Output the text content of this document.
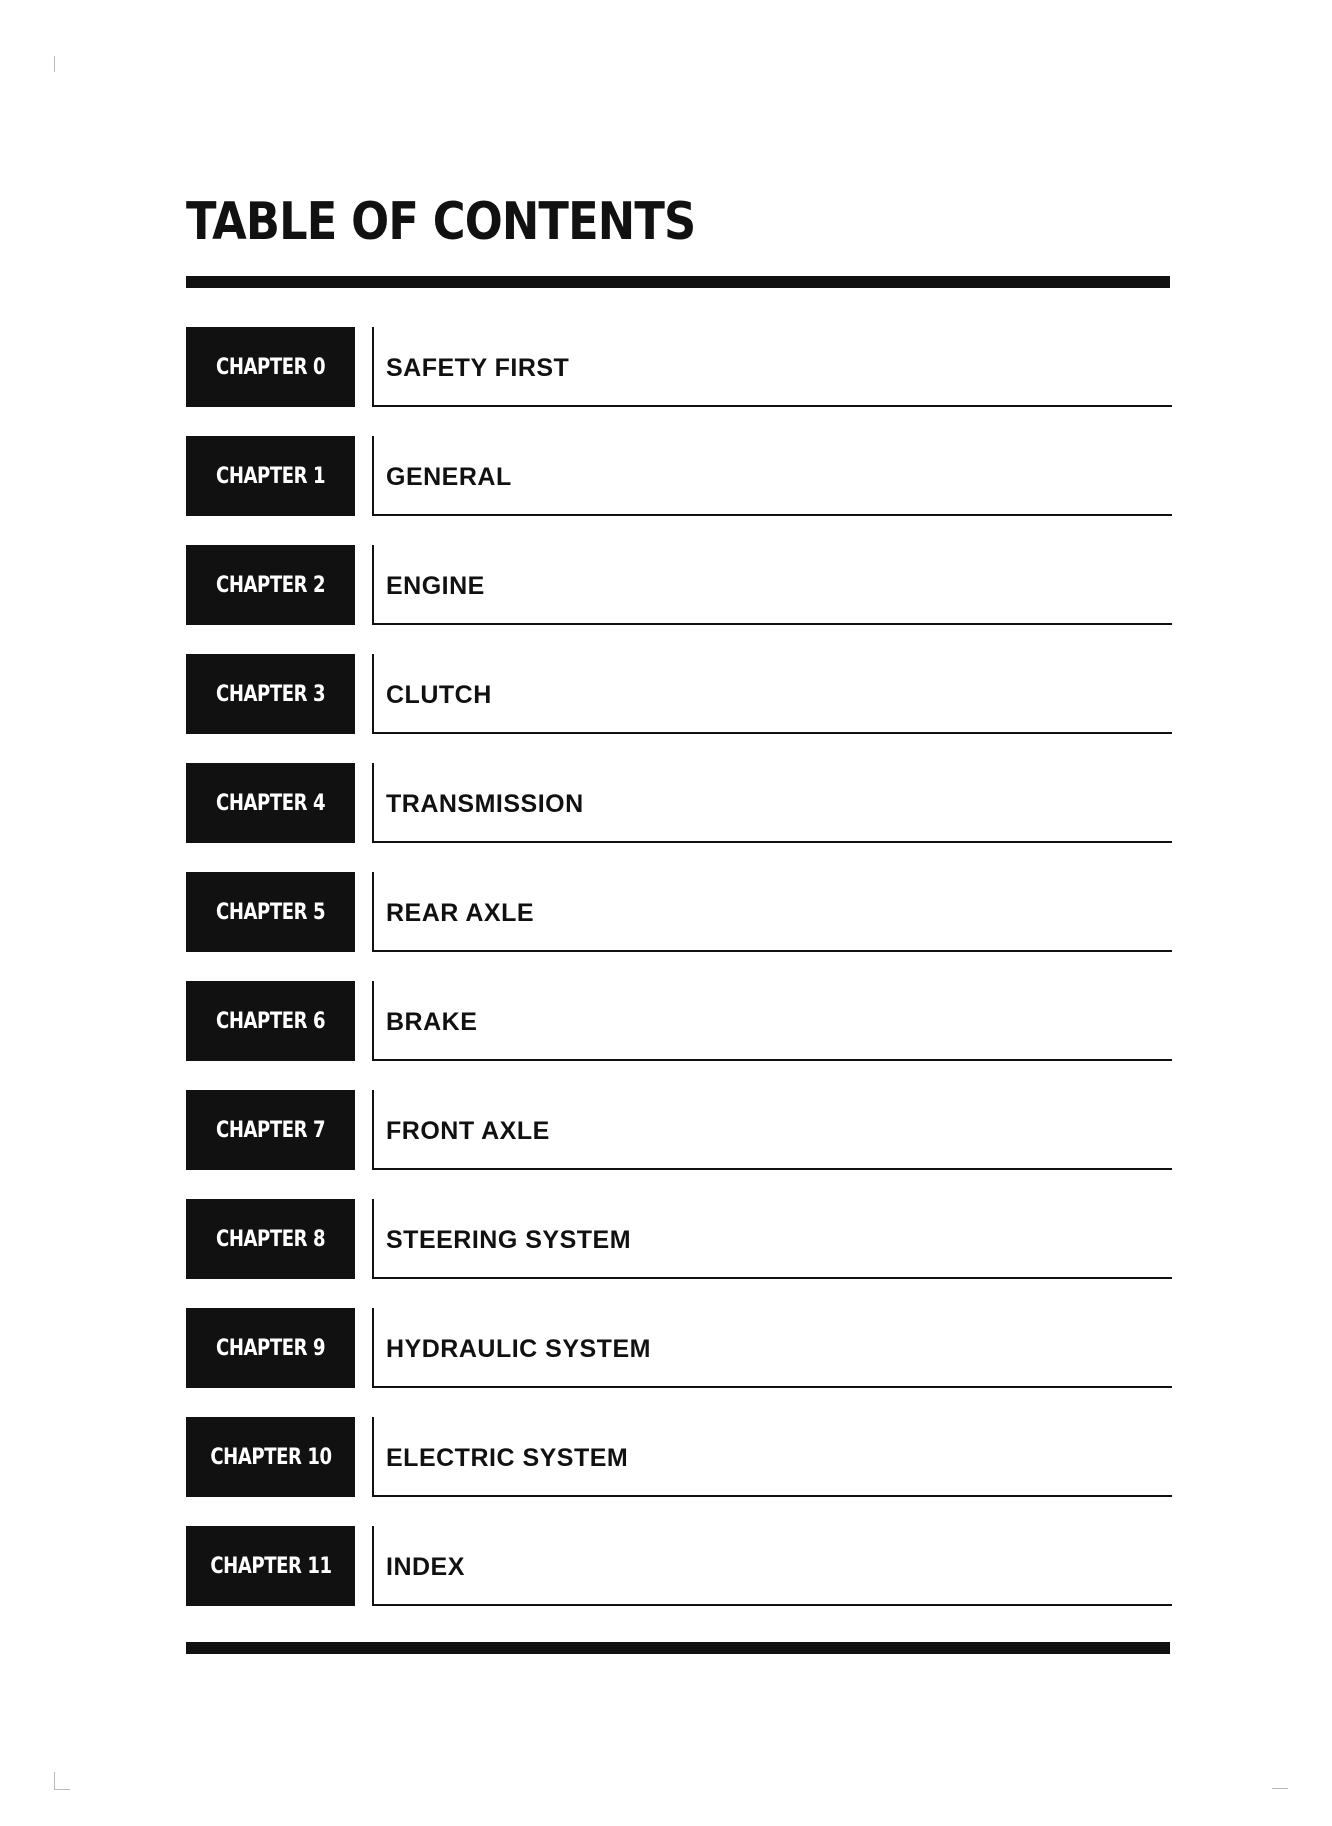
TABLE OF CONTENTS
CHAPTER 0 SAFETY FIRST
CHAPTER 1 GENERAL
CHAPTER 2 ENGINE
CHAPTER 3 CLUTCH
CHAPTER 4 TRANSMISSION
CHAPTER 5 REAR AXLE
CHAPTER 6 BRAKE
CHAPTER 7 FRONT AXLE
CHAPTER 8 STEERING SYSTEM
CHAPTER 9 HYDRAULIC SYSTEM
CHAPTER 10 ELECTRIC SYSTEM
CHAPTER 11 INDEX
